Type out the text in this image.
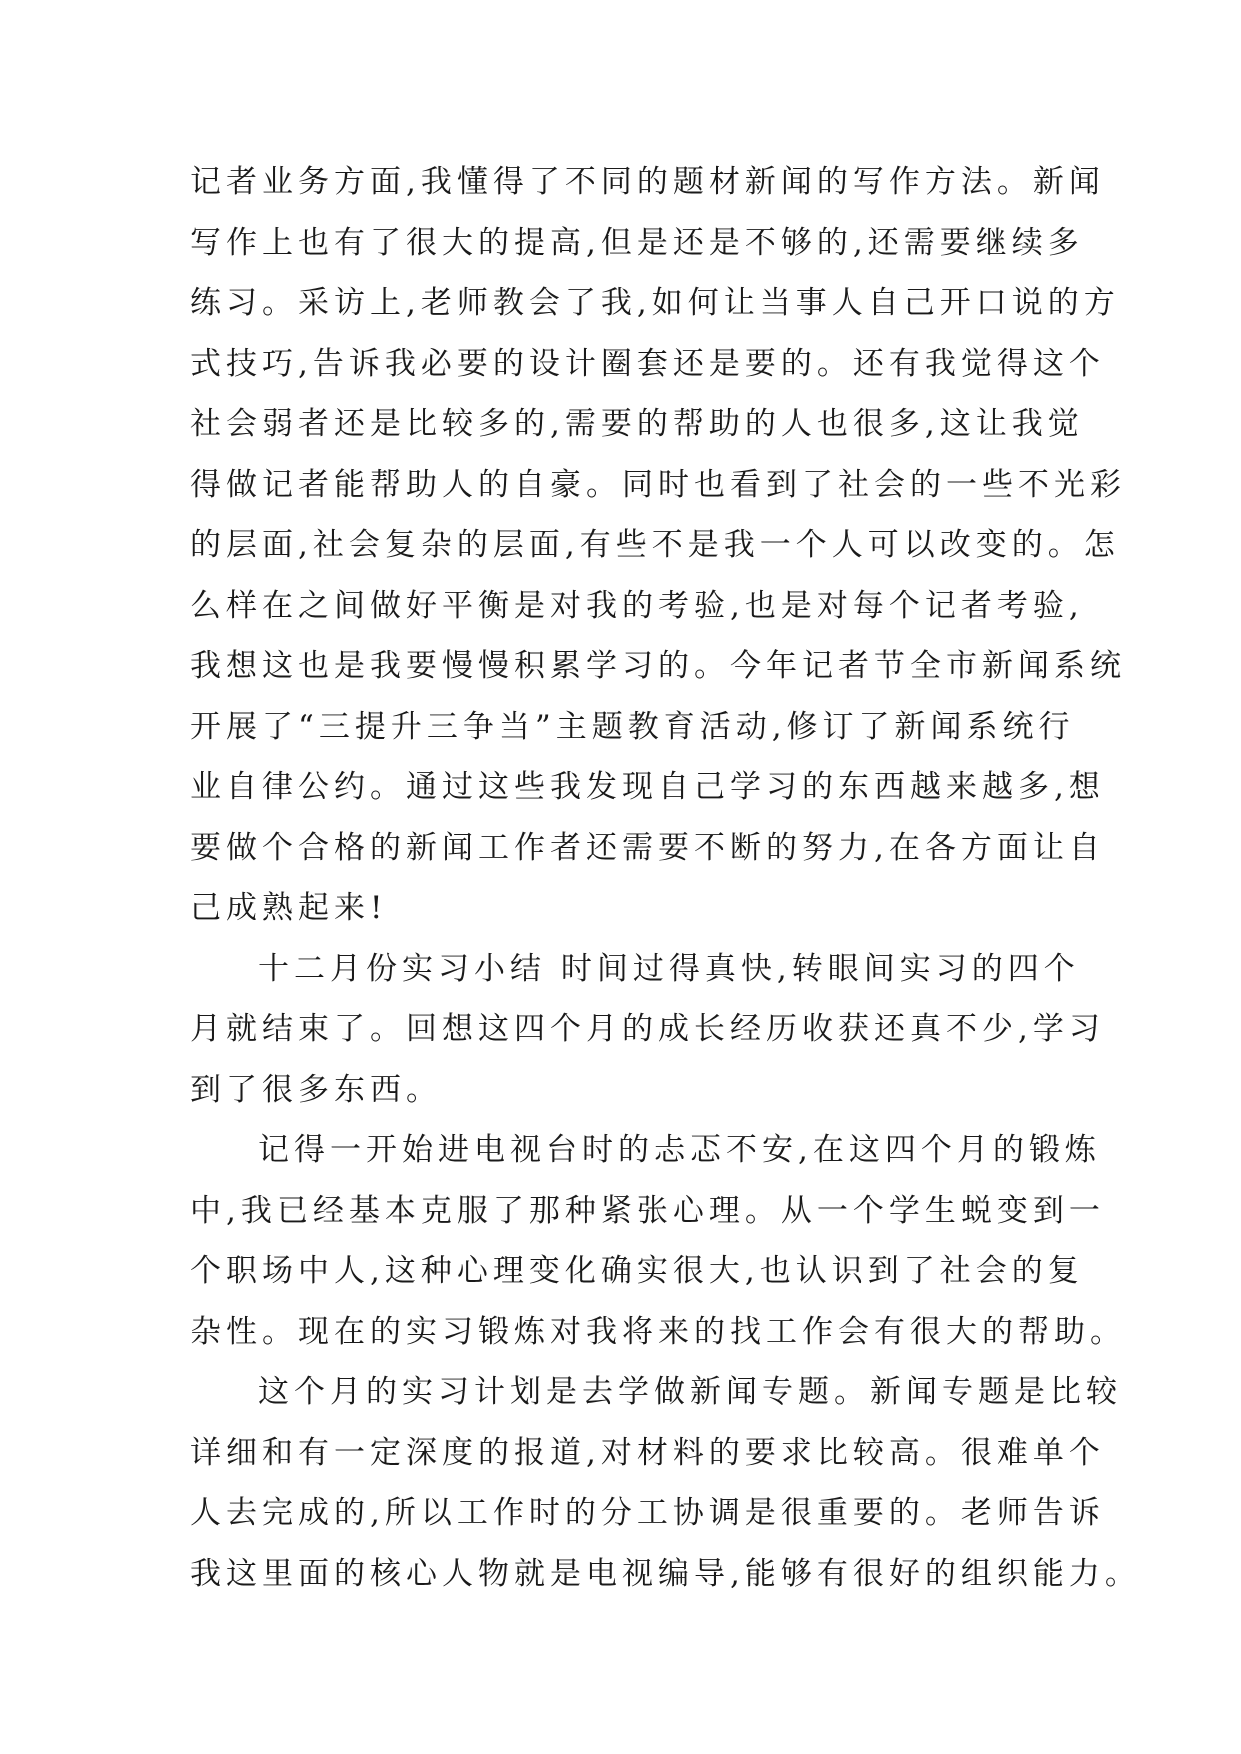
记者业务方面,我懂得了不同的题材新闻的写作方法。新闻
写作上也有了很大的提高,但是还是不够的,还需要继续多
练习。采访上,老师教会了我,如何让当事人自己开口说的方
式技巧,告诉我必要的设计圈套还是要的。还有我觉得这个
社会弱者还是比较多的,需要的帮助的人也很多,这让我觉
得做记者能帮助人的自豪。同时也看到了社会的一些不光彩
的层面,社会复杂的层面,有些不是我一个人可以改变的。怎
么样在之间做好平衡是对我的考验,也是对每个记者考验,
我想这也是我要慢慢积累学习的。今年记者节全市新闻系统
开展了“三提升三争当”主题教育活动,修订了新闻系统行
业自律公约。通过这些我发现自己学习的东西越来越多,想
要做个合格的新闻工作者还需要不断的努力,在各方面让自
己成熟起来!
十二月份实习小结 时间过得真快,转眼间实习的四个
月就结束了。回想这四个月的成长经历收获还真不少,学习
到了很多东西。
记得一开始进电视台时的忐忑不安,在这四个月的锻炼
中,我已经基本克服了那种紧张心理。从一个学生蜕变到一
个职场中人,这种心理变化确实很大,也认识到了社会的复
杂性。现在的实习锻炼对我将来的找工作会有很大的帮助。
这个月的实习计划是去学做新闻专题。新闻专题是比较
详细和有一定深度的报道,对材料的要求比较高。很难单个
人去完成的,所以工作时的分工协调是很重要的。老师告诉
我这里面的核心人物就是电视编导,能够有很好的组织能力。
